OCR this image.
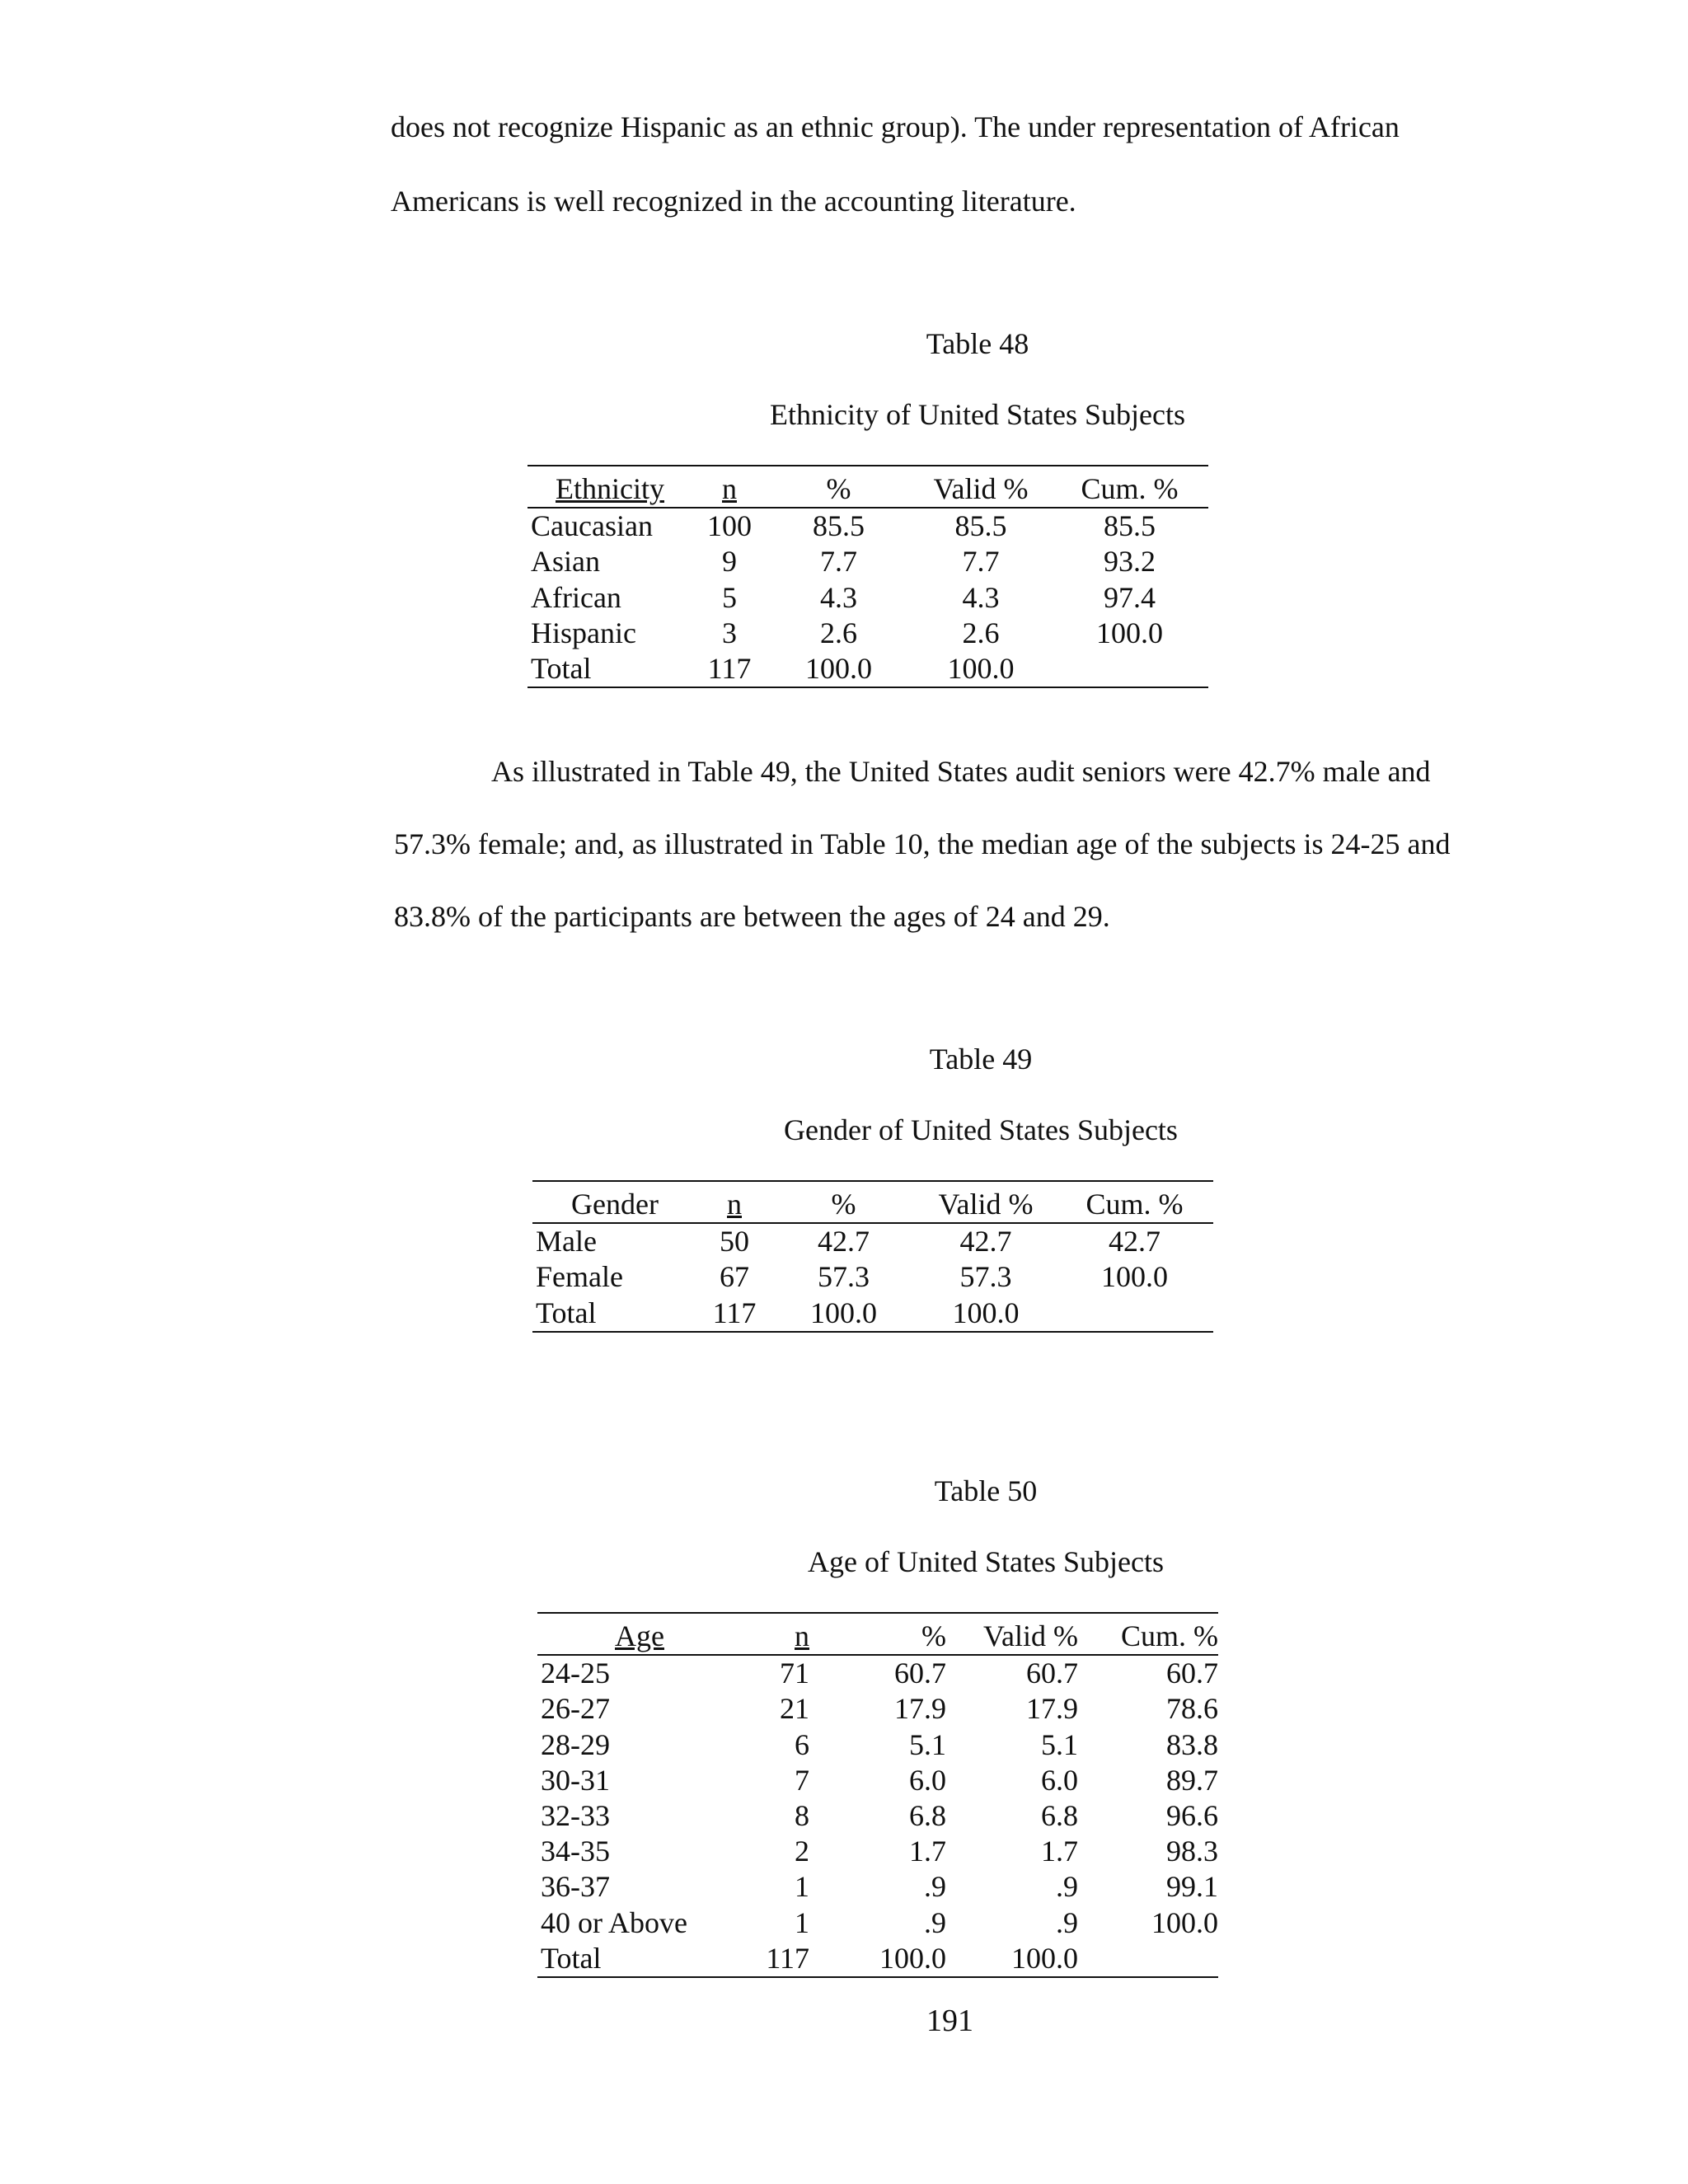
does not recognize Hispanic as an ethnic group). The under representation of African
Americans is well recognized in the accounting literature.
Table 48
Ethnicity of United States Subjects
Ethnicity	n	%	Valid %	Cum. %
Caucasian	100	85.5	85.5	85.5
Asian	9	7.7	7.7	93.2
African	5	4.3	4.3	97.4
Hispanic	3	2.6	2.6	100.0
Total	117	100.0	100.0	
As illustrated in Table 49, the United States audit seniors were 42.7% male and
57.3% female; and, as illustrated in Table 10, the median age of the subjects is 24-25 and
83.8% of the participants are between the ages of 24 and 29.
Table 49
Gender of United States Subjects
Gender	n	%	Valid %	Cum. %
Male	50	42.7	42.7	42.7
Female	67	57.3	57.3	100.0
Total	117	100.0	100.0	
Table 50
Age of United States Subjects
Age	n	%	Valid %	Cum. %
24-25	71	60.7	60.7	60.7
26-27	21	17.9	17.9	78.6
28-29	6	5.1	5.1	83.8
30-31	7	6.0	6.0	89.7
32-33	8	6.8	6.8	96.6
34-35	2	1.7	1.7	98.3
36-37	1	.9	.9	99.1
40 or Above	1	.9	.9	100.0
Total	117	100.0	100.0	
191
